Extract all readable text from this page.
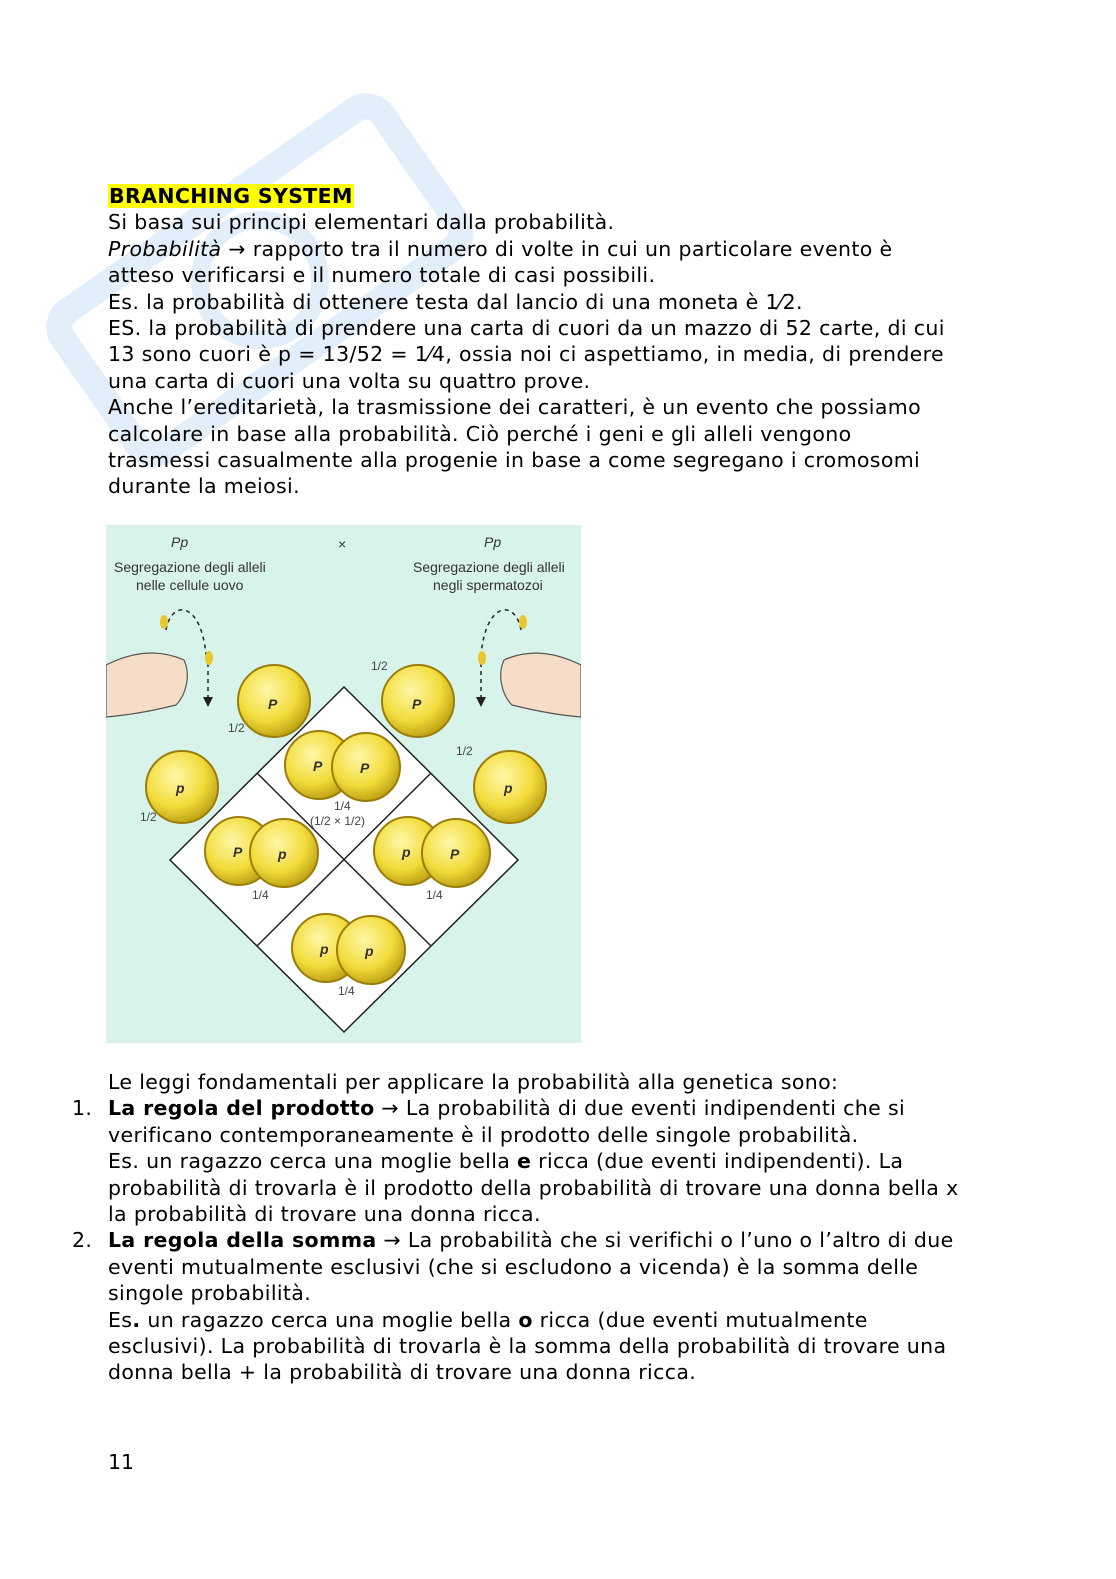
BRANCHING SYSTEM

Si basa sui principi elementari dalla probabilità.

Probabilità → rapporto tra il numero di volte in cui un particolare evento è

atteso verificarsi e il numero totale di casi possibili.

Es. la probabilità di ottenere testa dal lancio di una moneta è 1⁄2.

ES. la probabilità di prendere una carta di cuori da un mazzo di 52 carte, di cui

13 sono cuori è p = 13/52 = 1⁄4, ossia noi ci aspettiamo, in media, di prendere

una carta di cuori una volta su quattro prove.

Anche l’ereditarietà, la trasmissione dei caratteri, è un evento che possiamo

calcolare in base alla probabilità. Ciò perché i geni e gli alleli vengono

trasmessi casualmente alla progenie in base a come segregano i cromosomi

durante la meiosi.

Pp	×	Pp
Segregazione degli alleli
nelle cellule uovo
Segregazione degli alleli
negli spermatozoi
P	P
p	p
P	P
P	p	p	P
p	p
1/2
1/2
1/2
1/2
1/4
(1/2 × 1/2)
1/4	1/4
1/4

Le leggi fondamentali per applicare la probabilità alla genetica sono:

1. La regola del prodotto → La probabilità di due eventi indipendenti che si

verificano contemporaneamente è il prodotto delle singole probabilità.

Es. un ragazzo cerca una moglie bella e ricca (due eventi indipendenti). La

probabilità di trovarla è il prodotto della probabilità di trovare una donna bella x

la probabilità di trovare una donna ricca.

2. La regola della somma → La probabilità che si verifichi o l’uno o l’altro di due

eventi mutualmente esclusivi (che si escludono a vicenda) è la somma delle

singole probabilità.

Es. un ragazzo cerca una moglie bella o ricca (due eventi mutualmente

esclusivi). La probabilità di trovarla è la somma della probabilità di trovare una

donna bella + la probabilità di trovare una donna ricca.

11
